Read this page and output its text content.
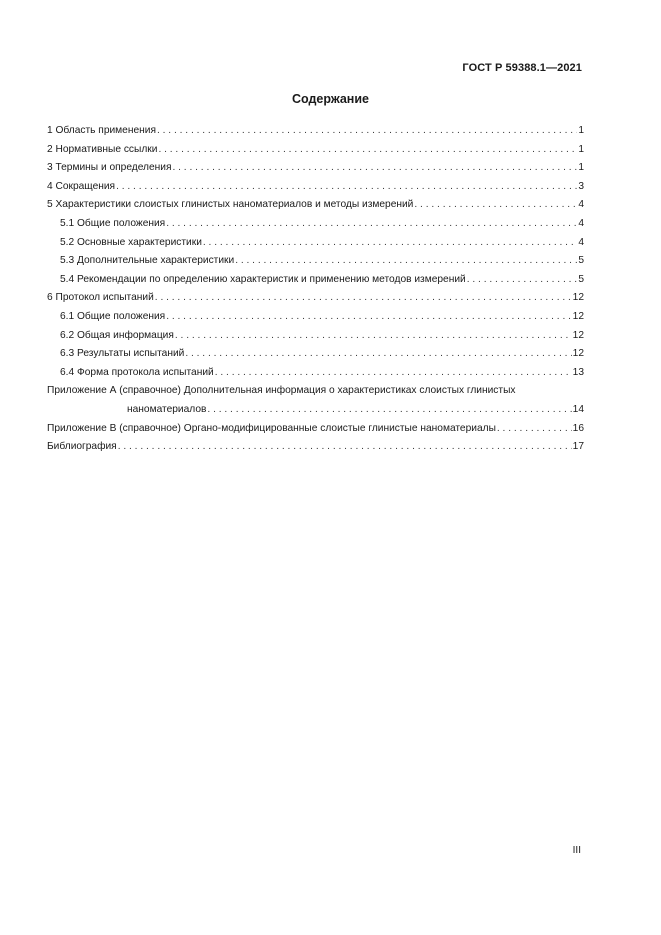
ГОСТ Р 59388.1—2021
Содержание
1 Область применения . . .	1
2 Нормативные ссылки . . .	1
3 Термины и определения . . .	1
4 Сокращения . . .	3
5 Характеристики слоистых глинистых наноматериалов и методы измерений . . .	4
5.1 Общие положения . . .	4
5.2 Основные характеристики . . .	4
5.3 Дополнительные характеристики . . .	5
5.4 Рекомендации по определению характеристик и применению методов измерений . . .	5
6 Протокол испытаний . . .	12
6.1 Общие положения . . .	12
6.2 Общая информация . . .	12
6.3 Результаты испытаний . . .	12
6.4 Форма протокола испытаний . . .	13
Приложение А (справочное) Дополнительная информация о характеристиках слоистых глинистых
наноматериалов . . .	14
Приложение В (справочное) Органо-модифицированные слоистые глинистые наноматериалы . . .	16
Библиография . . .	17
III
